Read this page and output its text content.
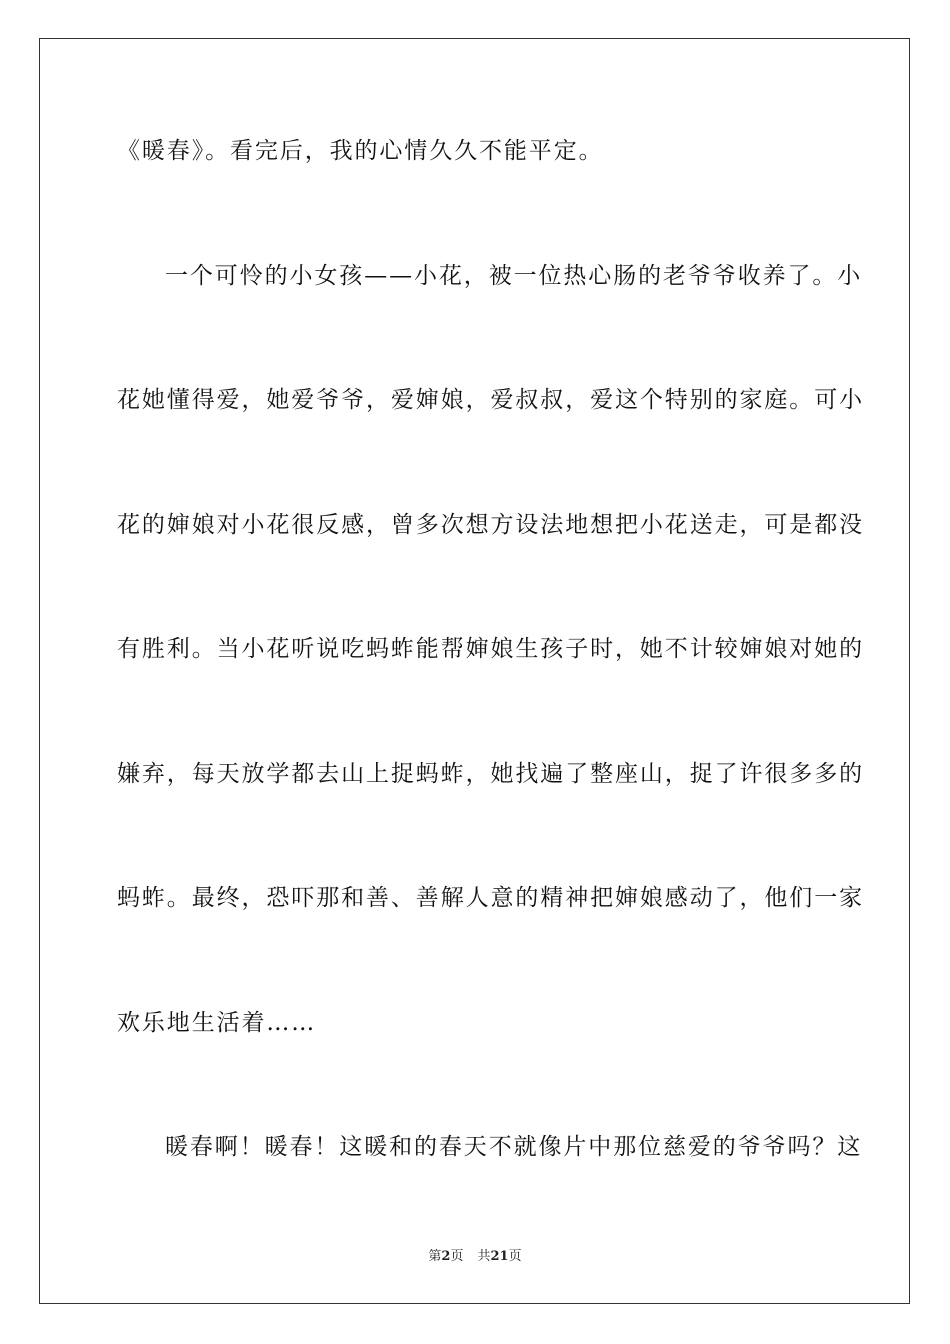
《暖春》。看完后，我的心情久久不能平定。
一个可怜的小女孩——小花，被一位热心肠的老爷爷收养了。小
花她懂得爱，她爱爷爷，爱婶娘，爱叔叔，爱这个特别的家庭。可小
花的婶娘对小花很反感，曾多次想方设法地想把小花送走，可是都没
有胜利。当小花听说吃蚂蚱能帮婶娘生孩子时，她不计较婶娘对她的
嫌弃，每天放学都去山上捉蚂蚱，她找遍了整座山，捉了许很多多的
蚂蚱。最终，恐吓那和善、善解人意的精神把婶娘感动了，他们一家
欢乐地生活着……
暖春啊！暖春！这暖和的春天不就像片中那位慈爱的爷爷吗？这
第2页 共21页
